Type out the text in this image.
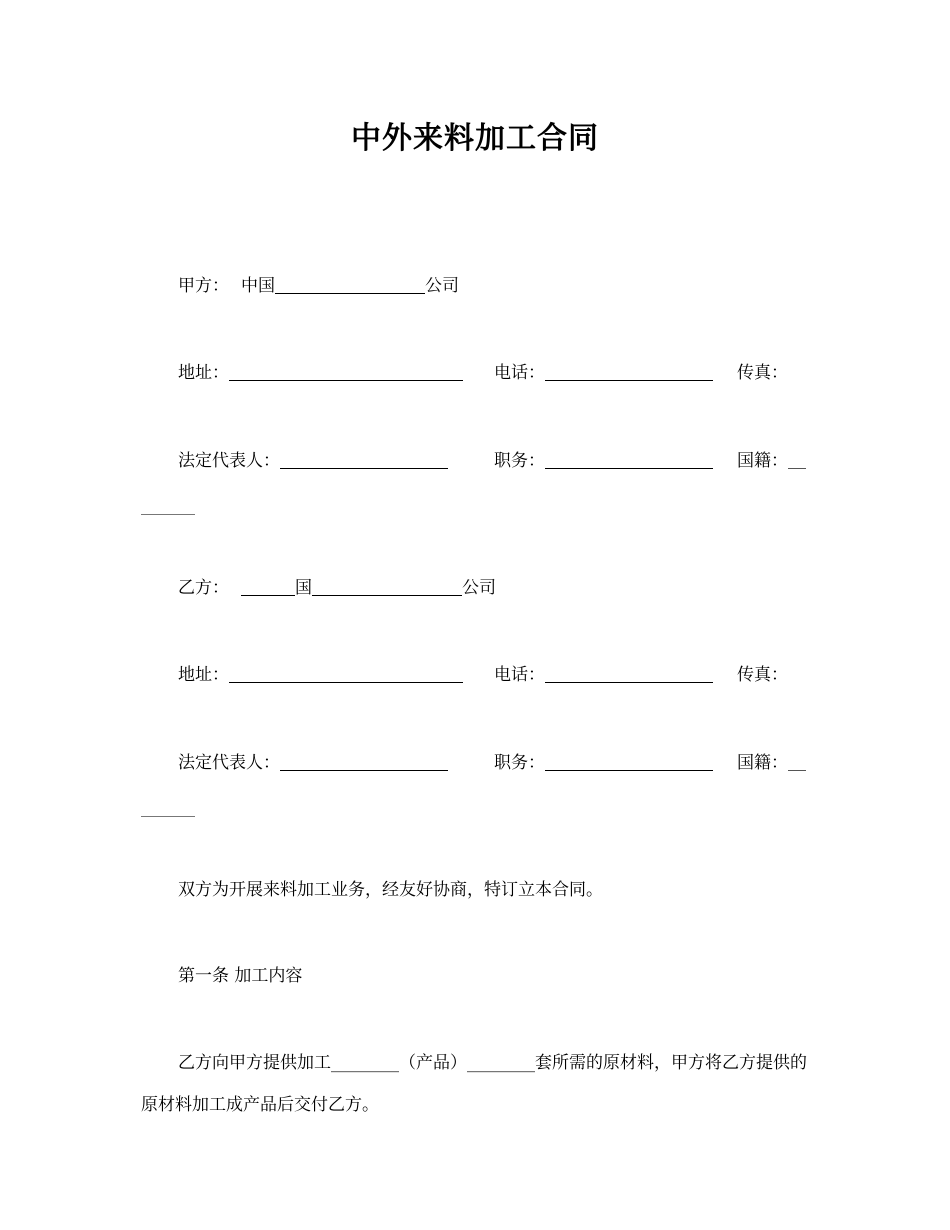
中外来料加工合同
甲方： 中国	公司
地址：	电话：	传真：
法定代表人：	职务：	国籍：
乙方：	国	公司
地址：	电话：	传真：
法定代表人：	职务：	国籍：
双方为开展来料加工业务，经友好协商，特订立本合同。
第一条 加工内容
乙方向甲方提供加工________（产品）________套所需的原材料，甲方将乙方提供的原材料加工成产品后交付乙方。
